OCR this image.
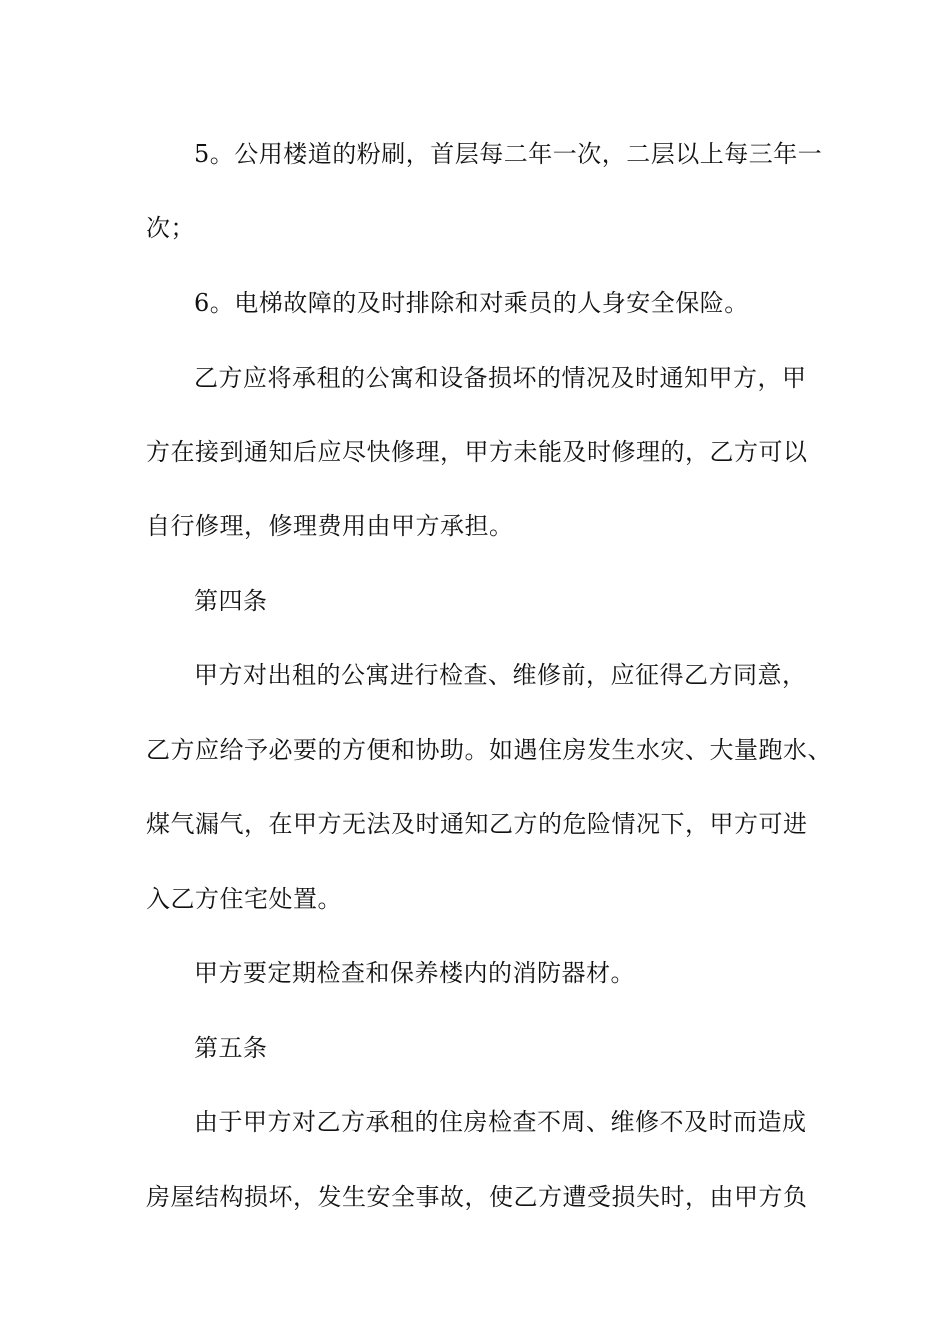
5。公用楼道的粉刷，首层每二年一次，二层以上每三年一
次；
6。电梯故障的及时排除和对乘员的人身安全保险。
乙方应将承租的公寓和设备损坏的情况及时通知甲方，甲
方在接到通知后应尽快修理，甲方未能及时修理的，乙方可以
自行修理，修理费用由甲方承担。
第四条
甲方对出租的公寓进行检查、维修前，应征得乙方同意，
乙方应给予必要的方便和协助。如遇住房发生水灾、大量跑水、
煤气漏气，在甲方无法及时通知乙方的危险情况下，甲方可进
入乙方住宅处置。
甲方要定期检查和保养楼内的消防器材。
第五条
由于甲方对乙方承租的住房检查不周、维修不及时而造成
房屋结构损坏，发生安全事故，使乙方遭受损失时，由甲方负
